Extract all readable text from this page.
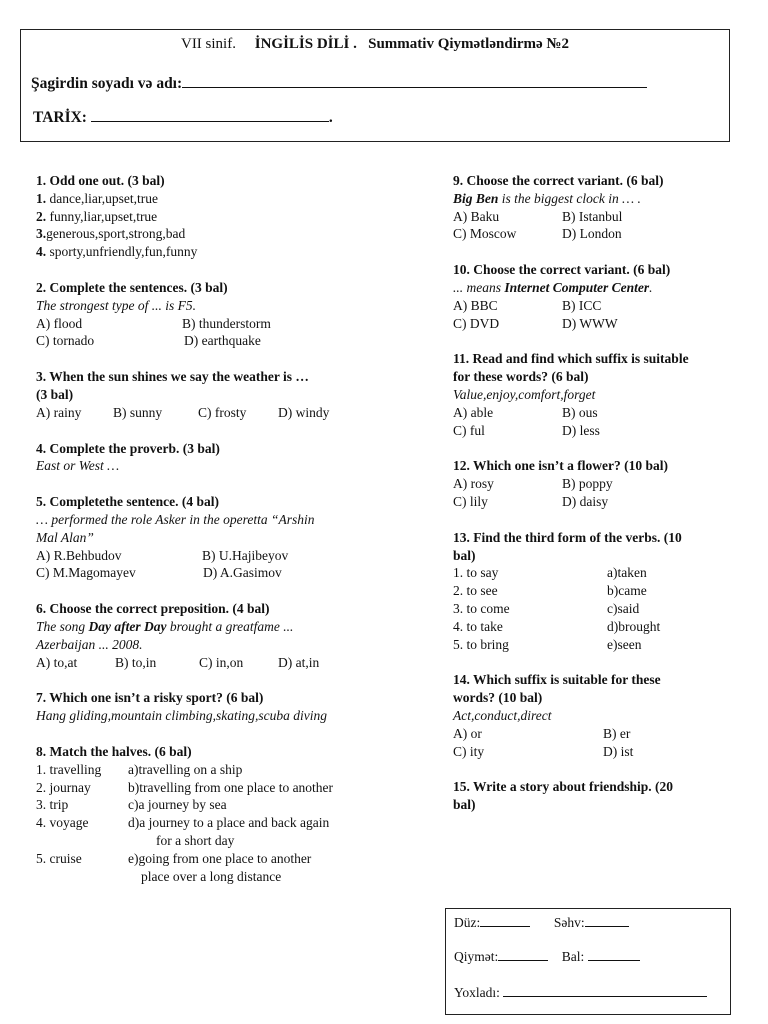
VII sinif. İNGİLİS DİLİ . Summativ Qiymətləndirmə №2
Şagirdin soyadı və adı:
TARİX:	.
1. Odd one out. (3 bal)
1. dance,liar,upset,true
2. funny,liar,upset,true
3.generous,sport,strong,bad
4. sporty,unfriendly,fun,funny
2. Complete the sentences. (3 bal)
The strongest type of ... is F5.
A) flood	B) thunderstorm
C) tornado	D) earthquake
3. When the sun shines we say the weather is …
(3 bal)
A) rainy	B) sunny	C) frosty	D) windy
4. Complete the proverb. (3 bal)
East or West …
5. Completethe sentence. (4 bal)
… performed the role Asker in the operetta “Arshin
Mal Alan”
A) R.Behbudov	B) U.Hajibeyov
C) M.Magomayev	D) A.Gasimov
6. Choose the correct preposition. (4 bal)
The song Day after Day brought a greatfame ...
Azerbaijan ... 2008.
A) to,at	B) to,in	C) in,on	D) at,in
7. Which one isn’t a risky sport? (6 bal)
Hang gliding,mountain climbing,skating,scuba diving
8. Match the halves. (6 bal)
1. travelling	a)travelling on a ship
2. journay	b)travelling from one place to another
3. trip	c)a journey by sea
4. voyage	d)a journey to a place and back again
for a short day
5. cruise	e)going from one place to another
place over a long distance
9. Choose the correct variant. (6 bal)
Big Ben is the biggest clock in … .
A) Baku	B) Istanbul
C) Moscow	D) London
10. Choose the correct variant. (6 bal)
... means Internet Computer Center.
A) BBC	B) ICC
C) DVD	D) WWW
11. Read and find which suffix is suitable
for these words? (6 bal)
Value,enjoy,comfort,forget
A) able	B) ous
C) ful	D) less
12. Which one isn’t a flower? (10 bal)
A) rosy	B) poppy
C) lily	D) daisy
13. Find the third form of the verbs. (10
bal)
1. to say	a)taken
2. to see	b)came
3. to come	c)said
4. to take	d)brought
5. to bring	e)seen
14. Which suffix is suitable for these
words? (10 bal)
Act,conduct,direct
A) or	B) er
C) ity	D) ist
15. Write a story about friendship. (20
bal)
Düz:	Səhv:
Qiymət:	Bal:
Yoxladı:
